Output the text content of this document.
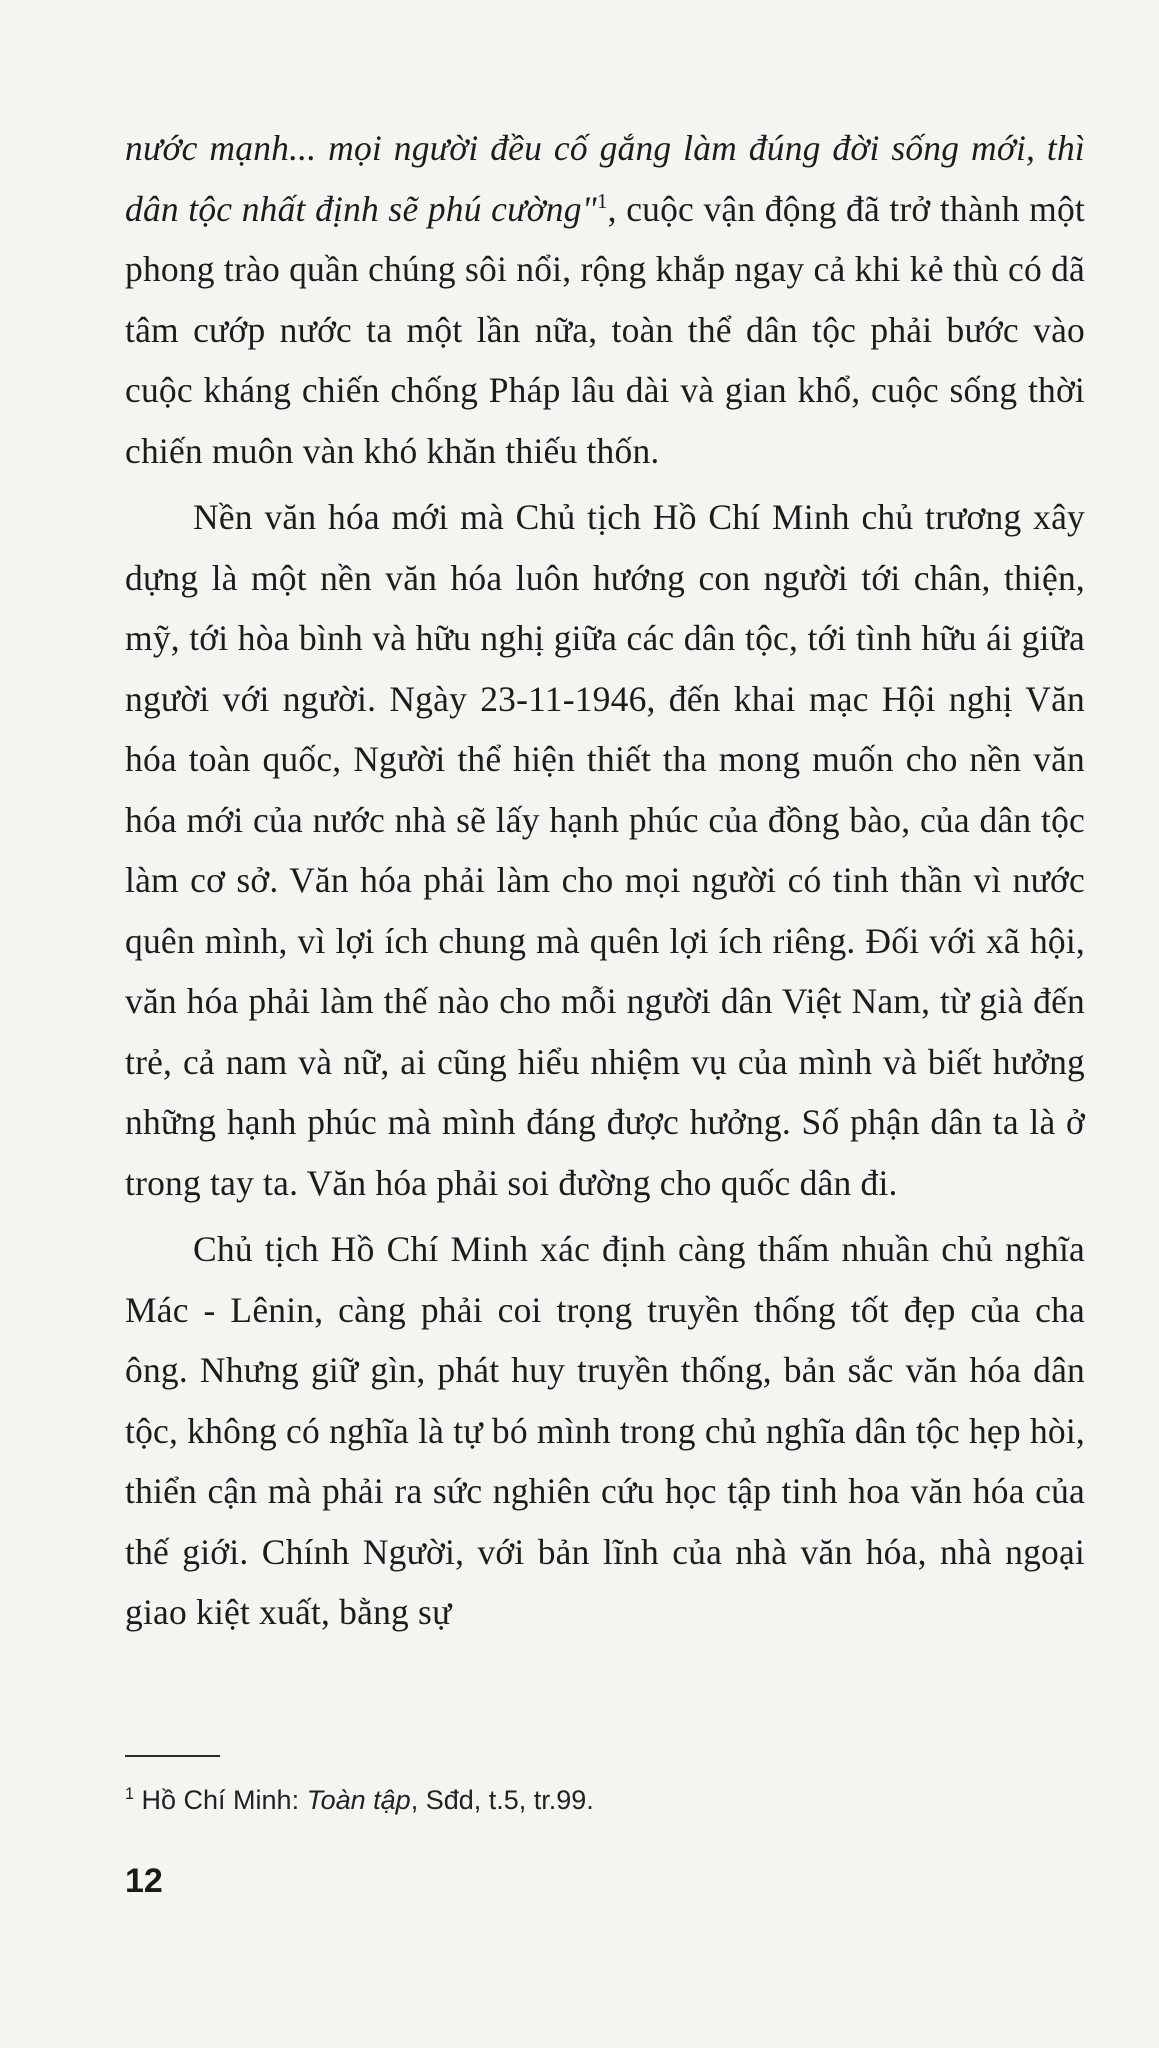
nước mạnh... mọi người đều cố gắng làm đúng đời sống mới, thì dân tộc nhất định sẽ phú cường"$^1$, cuộc vận động đã trở thành một phong trào quần chúng sôi nổi, rộng khắp ngay cả khi kẻ thù có dã tâm cướp nước ta một lần nữa, toàn thể dân tộc phải bước vào cuộc kháng chiến chống Pháp lâu dài và gian khổ, cuộc sống thời chiến muôn vàn khó khăn thiếu thốn.

Nền văn hóa mới mà Chủ tịch Hồ Chí Minh chủ trương xây dựng là một nền văn hóa luôn hướng con người tới chân, thiện, mỹ, tới hòa bình và hữu nghị giữa các dân tộc, tới tình hữu ái giữa người với người. Ngày 23-11-1946, đến khai mạc Hội nghị Văn hóa toàn quốc, Người thể hiện thiết tha mong muốn cho nền văn hóa mới của nước nhà sẽ lấy hạnh phúc của đồng bào, của dân tộc làm cơ sở. Văn hóa phải làm cho mọi người có tinh thần vì nước quên mình, vì lợi ích chung mà quên lợi ích riêng. Đối với xã hội, văn hóa phải làm thế nào cho mỗi người dân Việt Nam, từ già đến trẻ, cả nam và nữ, ai cũng hiểu nhiệm vụ của mình và biết hưởng những hạnh phúc mà mình đáng được hưởng. Số phận dân ta là ở trong tay ta. Văn hóa phải soi đường cho quốc dân đi.

Chủ tịch Hồ Chí Minh xác định càng thấm nhuần chủ nghĩa Mác - Lênin, càng phải coi trọng truyền thống tốt đẹp của cha ông. Nhưng giữ gìn, phát huy truyền thống, bản sắc văn hóa dân tộc, không có nghĩa là tự bó mình trong chủ nghĩa dân tộc hẹp hòi, thiển cận mà phải ra sức nghiên cứu học tập tinh hoa văn hóa của thế giới. Chính Người, với bản lĩnh của nhà văn hóa, nhà ngoại giao kiệt xuất, bằng sự

$^1$ Hồ Chí Minh: Toàn tập, Sđd, t.5, tr.99.
12
